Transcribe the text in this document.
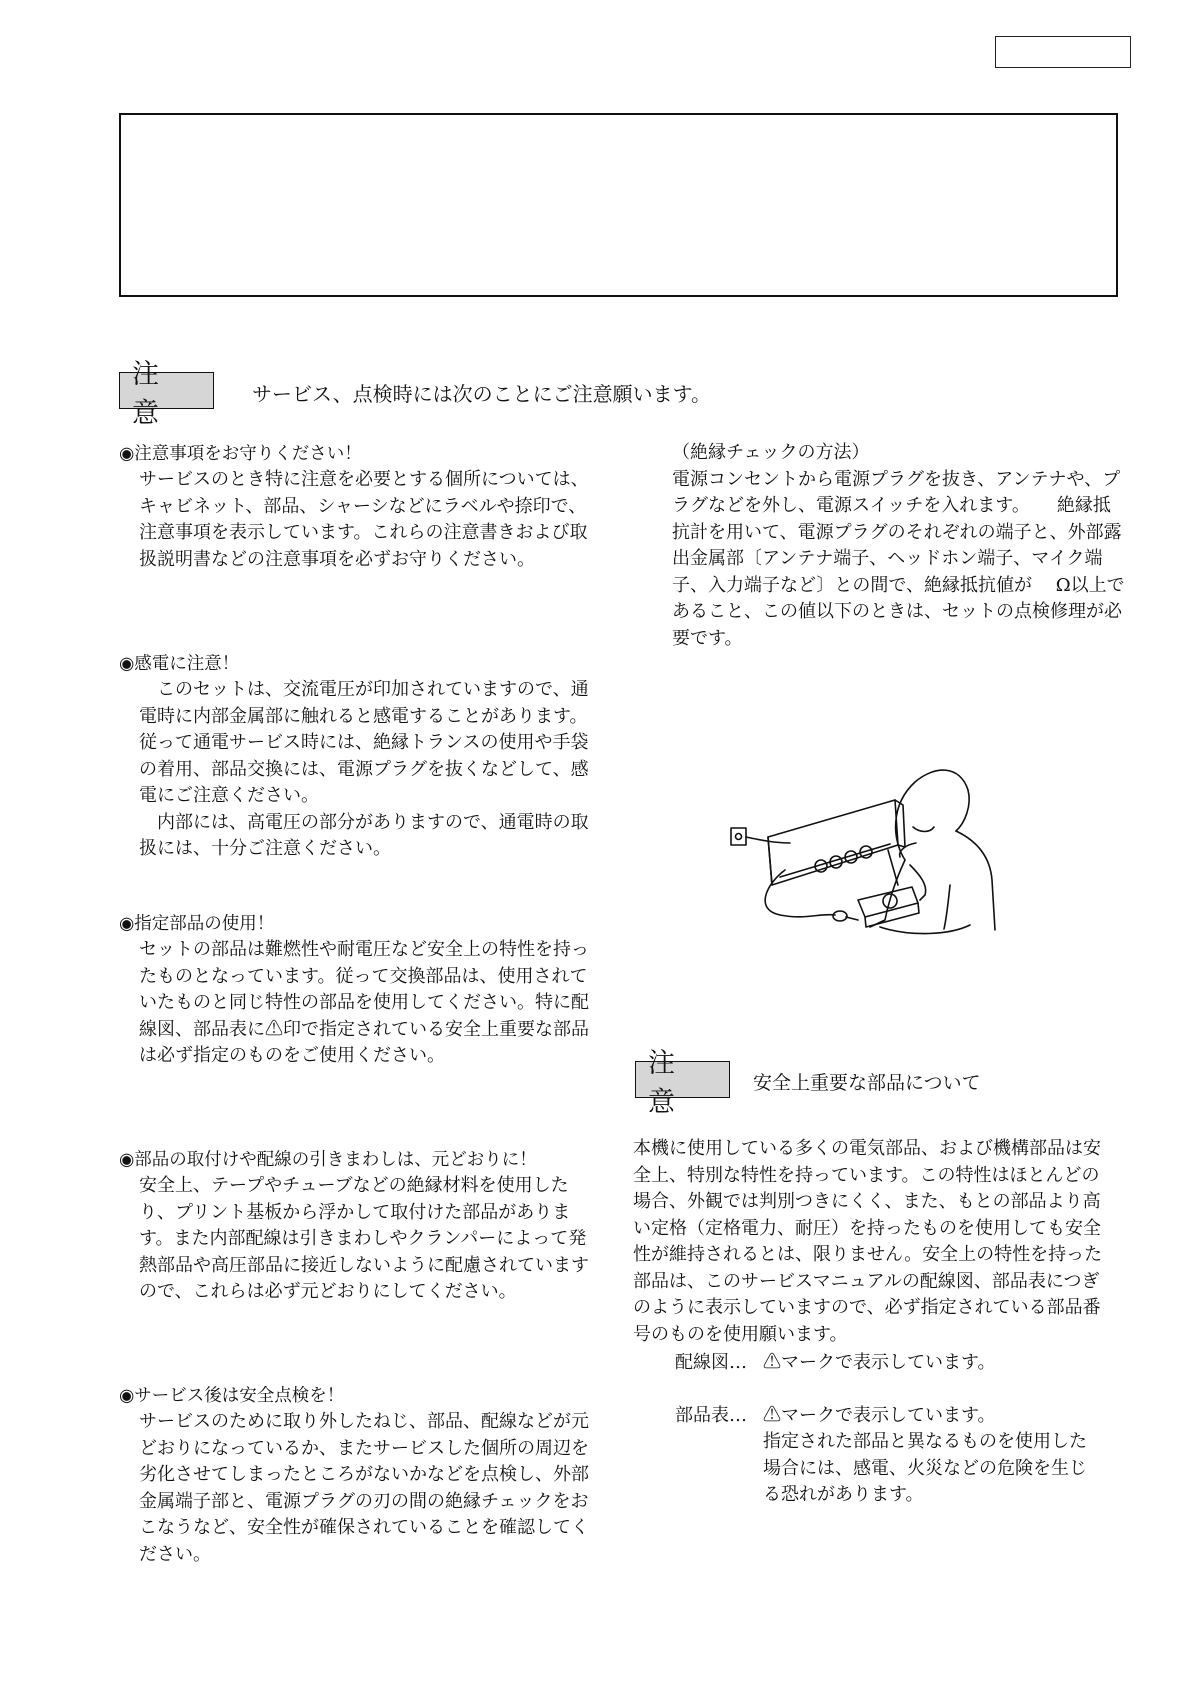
注 意
サービス、点検時には次のことにご注意願います。
◉注意事項をお守りください！

サービスのとき特に注意を必要とする個所については、キャビネット、部品、シャーシなどにラベルや捺印で、注意事項を表示しています。これらの注意書きおよび取扱説明書などの注意事項を必ずお守りください。

◉感電に注意！

このセットは、交流電圧が印加されていますので、通電時に内部金属部に触れると感電することがあります。従って通電サービス時には、絶縁トランスの使用や手袋の着用、部品交換には、電源プラグを抜くなどして、感電にご注意ください。

内部には、高電圧の部分がありますので、通電時の取扱には、十分ご注意ください。

◉指定部品の使用！

セットの部品は難燃性や耐電圧など安全上の特性を持ったものとなっています。従って交換部品は、使用されていたものと同じ特性の部品を使用してください。特に配線図、部品表に⚠印で指定されている安全上重要な部品は必ず指定のものをご使用ください。

◉部品の取付けや配線の引きまわしは、元どおりに！

安全上、テープやチューブなどの絶縁材料を使用したり、プリント基板から浮かして取付けた部品があります。また内部配線は引きまわしやクランパーによって発熱部品や高圧部品に接近しないように配慮されていますので、これらは必ず元どおりにしてください。

◉サービス後は安全点検を！

サービスのために取り外したねじ、部品、配線などが元どおりになっているか、またサービスした個所の周辺を劣化させてしまったところがないかなどを点検し、外部金属端子部と、電源プラグの刃の間の絶縁チェックをおこなうなど、安全性が確保されていることを確認してください。

（絶縁チェックの方法）

電源コンセントから電源プラグを抜き、アンテナや、プラグなどを外し、電源スイッチを入れます。　　絶縁抵抗計を用いて、電源プラグのそれぞれの端子と、外部露出金属部〔アンテナ端子、ヘッドホン端子、マイク端子、入力端子など〕との間で、絶縁抵抗値が　 Ω以上であること、この値以下のときは、セットの点検修理が必要です。

注 意
安全上重要な部品について

本機に使用している多くの電気部品、および機構部品は安全上、特別な特性を持っています。この特性はほとんどの場合、外観では判別つきにくく、また、もとの部品より高い定格（定格電力、耐圧）を持ったものを使用しても安全性が維持されるとは、限りません。安全上の特性を持った部品は、このサービスマニュアルの配線図、部品表につぎのように表示していますので、必ず指定されている部品番号のものを使用願います。

配線図… ⚠マークで表示しています。
部品表… ⚠マークで表示しています。
指定された部品と異なるものを使用した場合には、感電、火災などの危険を生じる恐れがあります。
